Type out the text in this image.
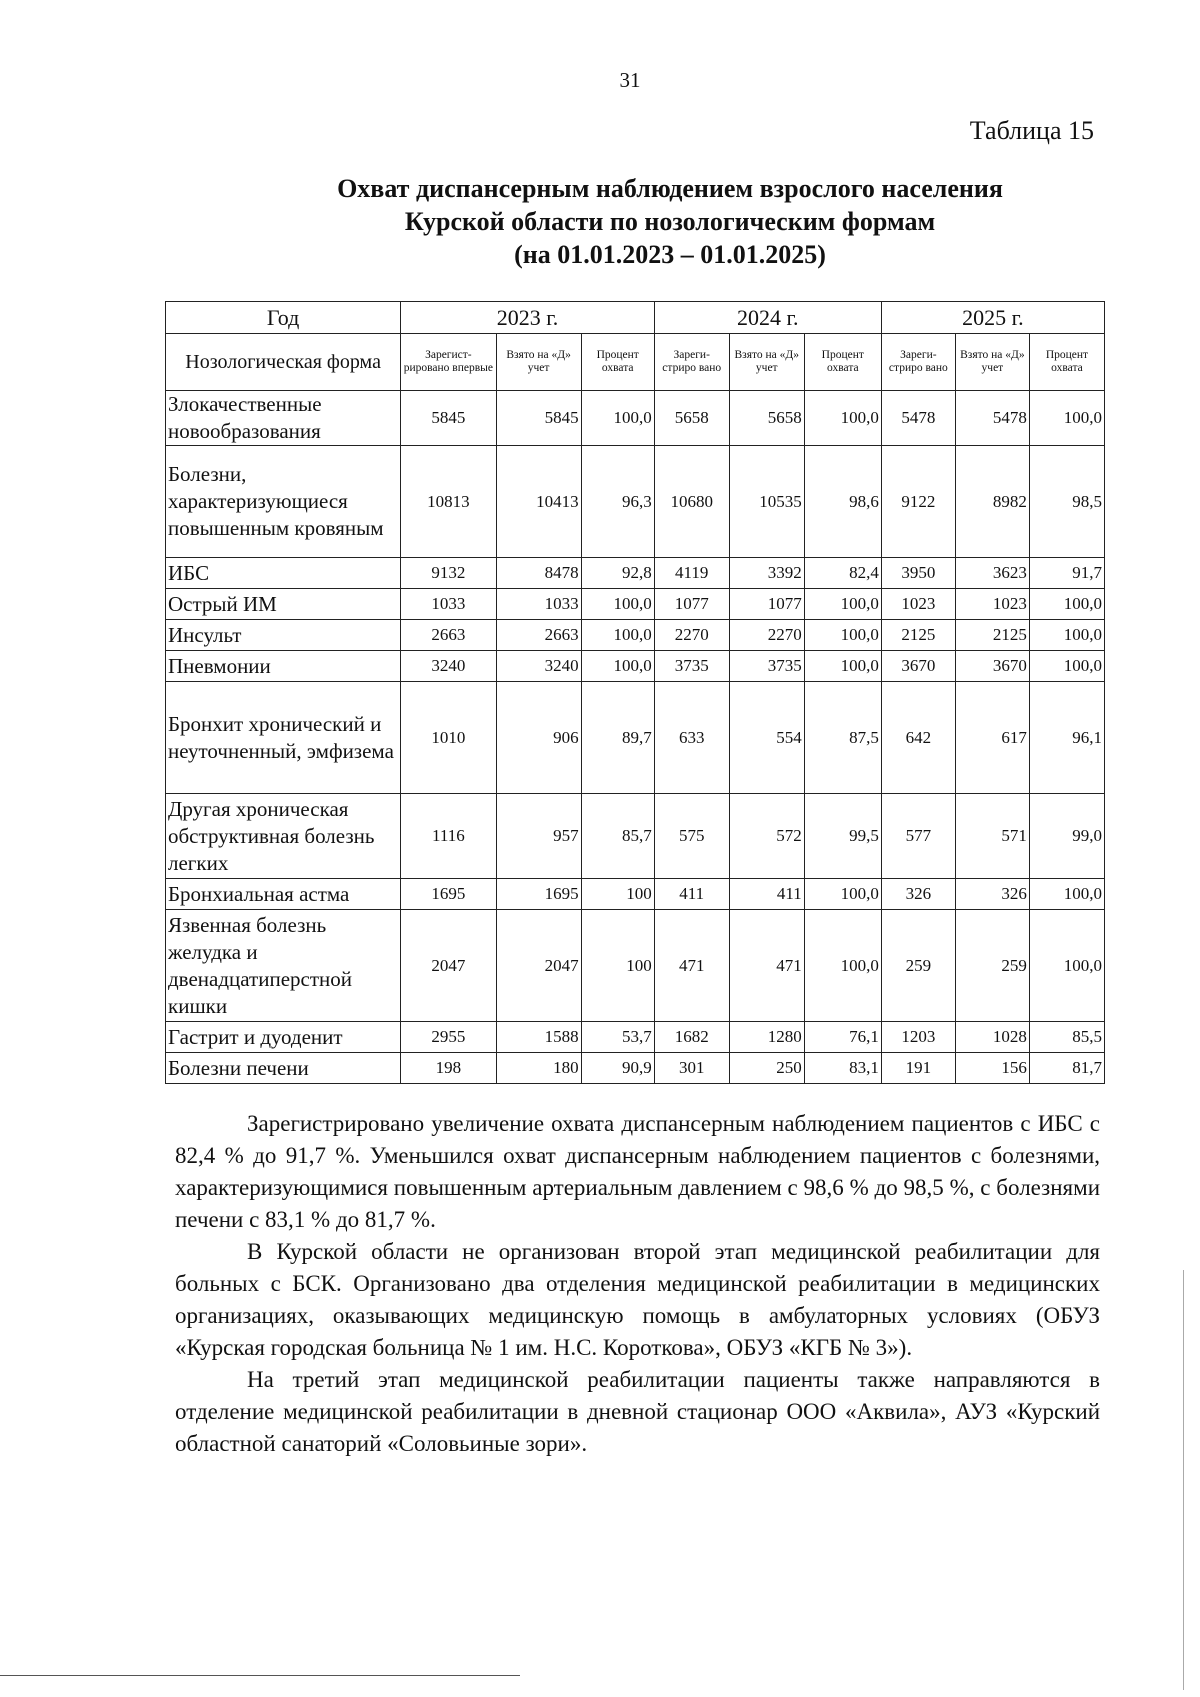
31
Таблица 15
Охват диспансерным наблюдением взрослого населения
Курской области по нозологическим формам
(на 01.01.2023 – 01.01.2025)
Год	2023 г.			2024 г.			2025 г.		
Нозологическая форма	Зарегист-рировано впервые	Взято на «Д» учет	Процент охвата	Зареги-стриро вано	Взято на «Д» учет	Процент охвата	Зареги-стриро вано	Взято на «Д» учет	Процент охвата
Злокачественные новообразования	5845	5845	100,0	5658	5658	100,0	5478	5478	100,0
Болезни, характеризующиеся повышенным кровяным	10813	10413	96,3	10680	10535	98,6	9122	8982	98,5
ИБС	9132	8478	92,8	4119	3392	82,4	3950	3623	91,7
Острый ИМ	1033	1033	100,0	1077	1077	100,0	1023	1023	100,0
Инсульт	2663	2663	100,0	2270	2270	100,0	2125	2125	100,0
Пневмонии	3240	3240	100,0	3735	3735	100,0	3670	3670	100,0
Бронхит хронический и неуточненный, эмфизема	1010	906	89,7	633	554	87,5	642	617	96,1
Другая хроническая обструктивная болезнь легких	1116	957	85,7	575	572	99,5	577	571	99,0
Бронхиальная астма	1695	1695	100	411	411	100,0	326	326	100,0
Язвенная болезнь желудка и двенадцатиперстной кишки	2047	2047	100	471	471	100,0	259	259	100,0
Гастрит и дуоденит	2955	1588	53,7	1682	1280	76,1	1203	1028	85,5
Болезни печени	198	180	90,9	301	250	83,1	191	156	81,7

Зарегистрировано увеличение охвата диспансерным наблюдением пациентов с ИБС с 82,4 % до 91,7 %. Уменьшился охват диспансерным наблюдением пациентов с болезнями, характеризующимися повышенным артериальным давлением с 98,6 % до 98,5 %, с болезнями печени с 83,1 % до 81,7 %.

В Курской области не организован второй этап медицинской реабилитации для больных с БСК. Организовано два отделения медицинской реабилитации в медицинских организациях, оказывающих медицинскую помощь в амбулаторных условиях (ОБУЗ «Курская городская больница № 1 им. Н.С. Короткова», ОБУЗ «КГБ № 3»).

На третий этап медицинской реабилитации пациенты также направляются в отделение медицинской реабилитации в дневной стационар ООО «Аквила», АУЗ «Курский областной санаторий «Соловьиные зори».
